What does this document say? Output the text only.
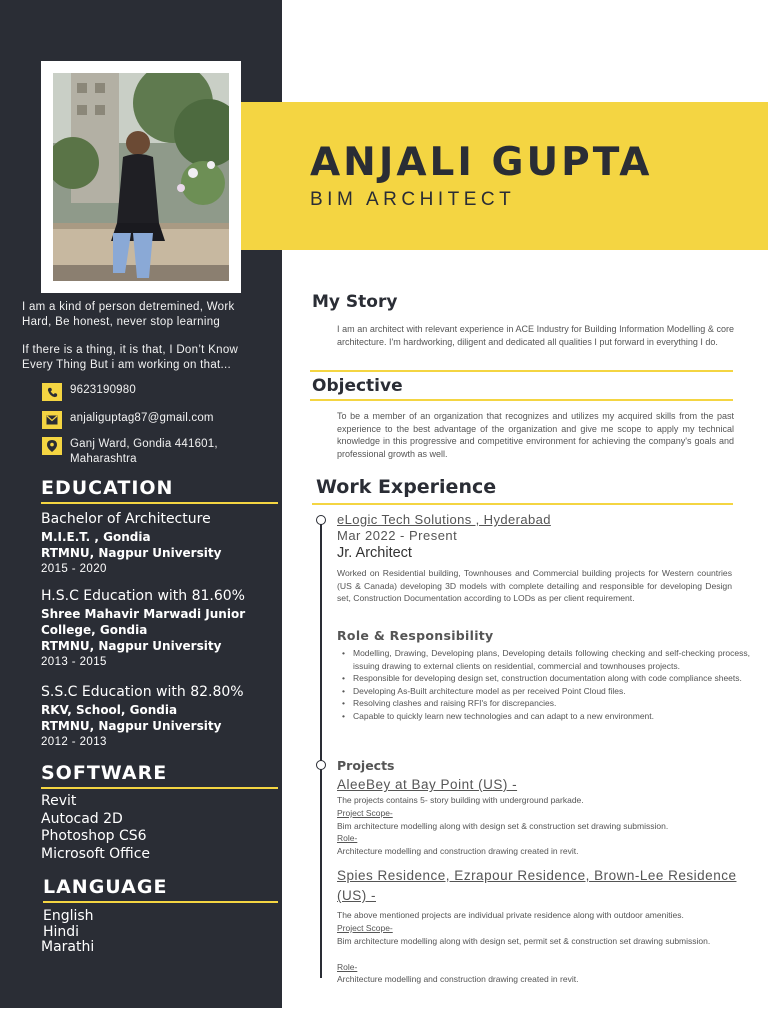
I am a kind of person detremined, Work
Hard, Be honest, never stop learning
If there is a thing, it is that, I Don’t Know
Every Thing But i am working on that...
9623190980
anjaliguptag87@gmail.com
Ganj Ward, Gondia 441601,
Maharashtra
EDUCATION
Bachelor of Architecture
M.I.E.T. , Gondia
RTMNU, Nagpur University
2015 - 2020
H.S.C Education with 81.60%
Shree Mahavir Marwadi Junior
College, Gondia
RTMNU, Nagpur University
2013 - 2015
S.S.C Education with 82.80%
RKV, School, Gondia
RTMNU, Nagpur University
2012 - 2013
SOFTWARE
Revit
Autocad 2D
Photoshop CS6
Microsoft Office
LANGUAGE
English
Hindi
Marathi
ANJALI GUPTA
BIM ARCHITECT
My Story
I am an architect with relevant experience in ACE Industry for Building Information Modelling & core architecture. I'm hardworking, diligent and dedicated all qualities I put forward in everything I do.
Objective
To be a member of an organization that recognizes and utilizes my acquired skills from the past experience to the best advantage of the organization and give me scope to apply my technical knowledge in this progressive and competitive environment for achieving the company's goals and professional growth as well.
Work Experience
eLogic Tech Solutions , Hyderabad
Mar 2022 - Present
Jr. Architect
Worked on Residential building, Townhouses and Commercial building projects for Western countries (US & Canada) developing 3D models with complete detailing and responsible for developing Design set, Construction Documentation according to LODs as per client requirement.
Role & Responsibility
• Modelling, Drawing, Developing plans, Developing details following checking and self-checking process, issuing drawing to external clients on residential, commercial and townhouses projects.
• Responsible for developing design set, construction documentation along with code compliance sheets.
• Developing As-Built architecture model as per received Point Cloud files.
• Resolving clashes and raising RFI's for discrepancies.
• Capable to quickly learn new technologies and can adapt to a new environment.
Projects
AleeBey at Bay Point (US) -
The projects contains 5- story building with underground parkade.
Project Scope-
Bim architecture modelling along with design set & construction set drawing submission.
Role-
Architecture modelling and construction drawing created in revit.
Spies Residence, Ezrapour Residence, Brown-Lee Residence
(US) -
The above mentioned projects are individual private residence along with outdoor amenities.
Project Scope-
Bim architecture modelling along with design set, permit set & construction set drawing submission.
Role-
Architecture modelling and construction drawing created in revit.
